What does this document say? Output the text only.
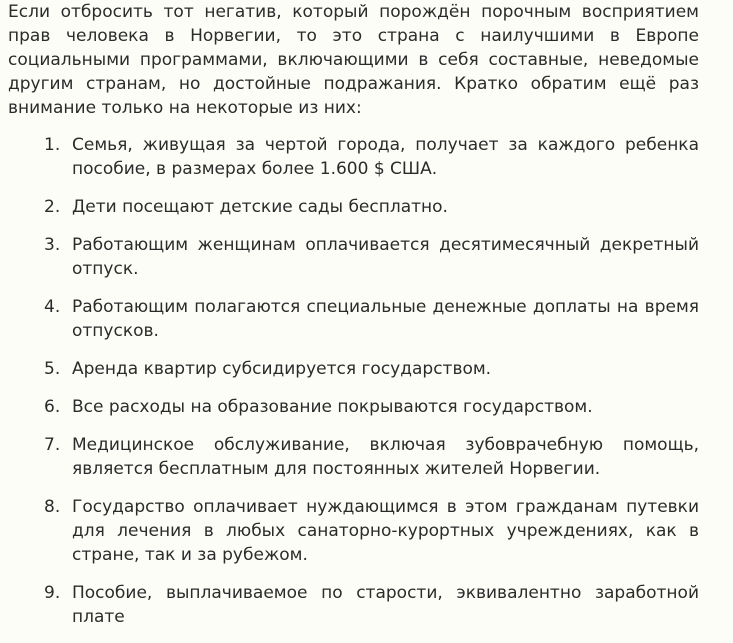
Если отбросить тот негатив, который порождён порочным восприятием прав человека в Норвегии, то это страна с наилучшими в Европе социальными программами, включающими в себя составные, неведомые другим странам, но достойные подражания. Кратко обратим ещё раз внимание только на некоторые из них:

1. Семья, живущая за чертой города, получает за каждого ребенка пособие, в размерах более 1.600 $ США.
2. Дети посещают детские сады бесплатно.
3. Работающим женщинам оплачивается десятимесячный декретный отпуск.
4. Работающим полагаются специальные денежные доплаты на время отпусков.
5. Аренда квартир субсидируется государством.
6. Все расходы на образование покрываются государством.
7. Медицинское обслуживание, включая зубоврачебную помощь, является бесплатным для постоянных жителей Норвегии.
8. Государство оплачивает нуждающимся в этом гражданам путевки для лечения в любых санаторно-курортных учреждениях, как в стране, так и за рубежом.
9. Пособие, выплачиваемое по старости, эквивалентно заработной плате
